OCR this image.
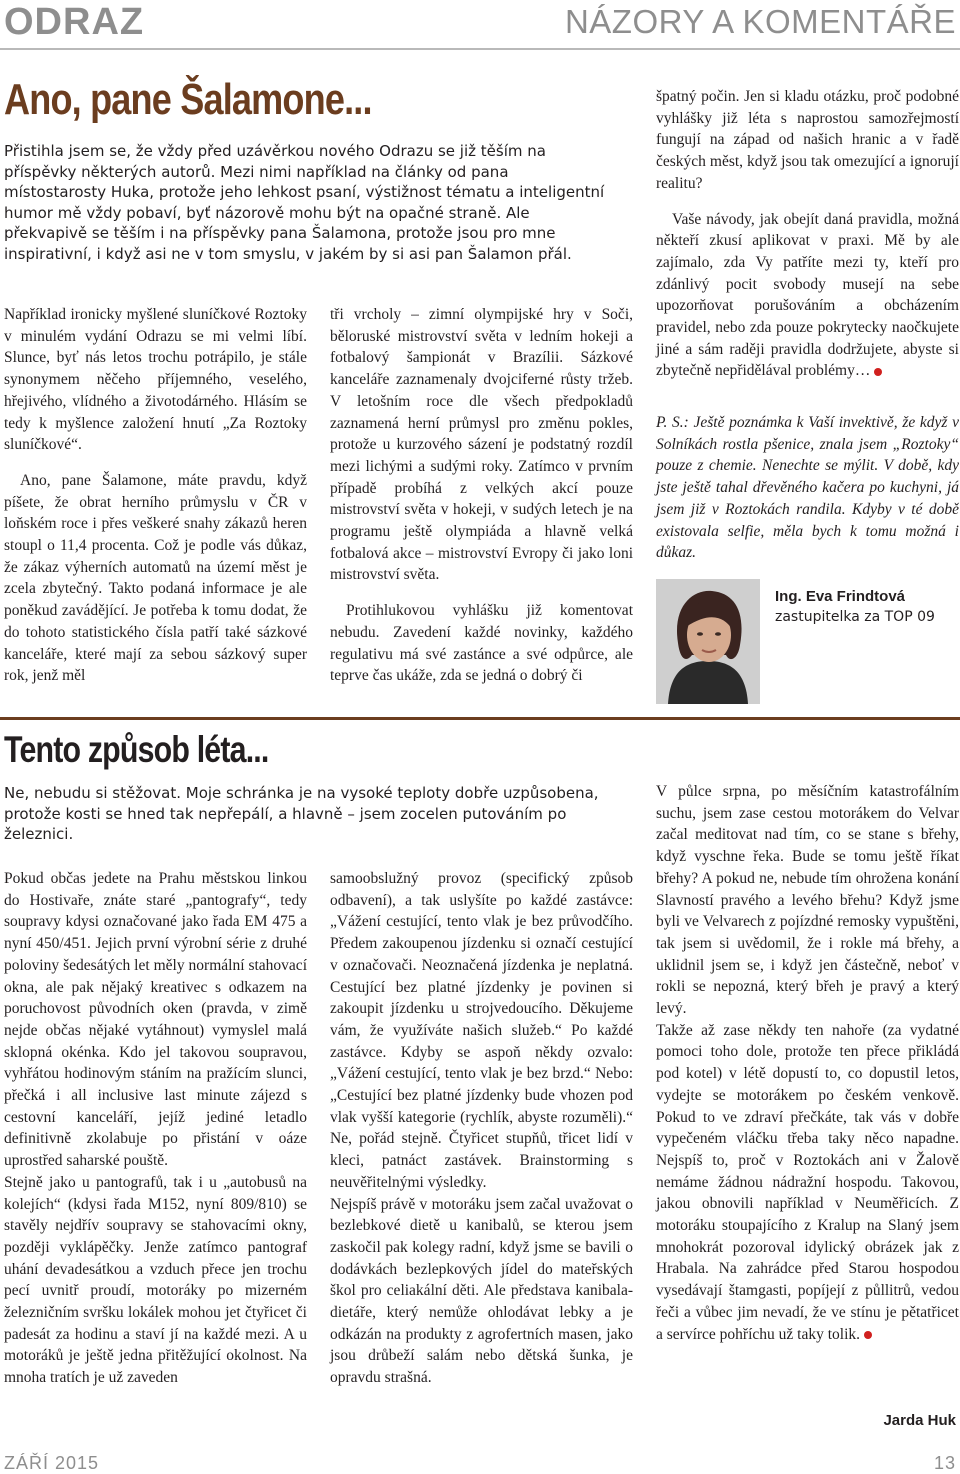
ODRAZ	NÁZORY A KOMENTÁŘE
Ano, pane Šalamone...

Přistihla jsem se, že vždy před uzávěrkou nového Odrazu se již těším na příspěvky některých autorů. Mezi nimi například na články od pana místostarosty Huka, protože jeho lehkost psaní, výstižnost tématu a inteligentní humor mě vždy pobaví, byť názorově mohu být na opačné straně. Ale překvapivě se těším i na příspěvky pana Šalamona, protože jsou pro mne inspirativní, i když asi ne v tom smyslu, v jakém by si asi pan Šalamon přál.

Například ironicky myšlené sluníčkové Roztoky v minulém vydání Odrazu se mi velmi líbí. Slunce, byť nás letos trochu potrápilo, je stále synonymem něčeho příjemného, veselého, hřejivého, vlídného a životodárného. Hlásím se tedy k myšlence založení hnutí „Za Roztoky sluníčkové“.

Ano, pane Šalamone, máte pravdu, když píšete, že obrat herního průmyslu v ČR v loňském roce i přes veškeré snahy zákazů heren stoupl o 11,4 procenta. Což je podle vás důkaz, že zákaz výherních automatů na území měst je zcela zbytečný. Takto podaná informace je ale poněkud zavádějící. Je potřeba k tomu dodat, že do tohoto statistického čísla patří také sázkové kanceláře, které mají za sebou sázkový super rok, jenž měl

tři vrcholy – zimní olympijské hry v Soči, běloruské mistrovství světa v ledním hokeji a fotbalový šampionát v Brazílii. Sázkové kanceláře zaznamenaly dvojciferné růsty tržeb. V letošním roce dle všech předpokladů zaznamená herní průmysl pro změnu pokles, protože u kurzového sázení je podstatný rozdíl mezi lichými a sudými roky. Zatímco v prvním případě probíhá z velkých akcí pouze mistrovství světa v hokeji, v sudých letech je na programu ještě olympiáda a hlavně velká fotbalová akce – mistrovství Evropy či jako loni mistrovství světa.

Protihlukovou vyhlášku již komentovat nebudu. Zavedení každé novinky, každého regulativu má své zastánce a své odpůrce, ale teprve čas ukáže, zda se jedná o dobrý či

špatný počin. Jen si kladu otázku, proč podobné vyhlášky již léta s naprostou samozřejmostí fungují na západ od našich hranic a v řadě českých měst, když jsou tak omezující a ignorují realitu?

Vaše návody, jak obejít daná pravidla, možná někteří zkusí aplikovat v praxi. Mě by ale zajímalo, zda Vy patříte mezi ty, kteří pro zdánlivý pocit svobody musejí na sebe upozorňovat porušováním a obcházením pravidel, nebo zda pouze pokrytecky naočkujete jiné a sám raději pravidla dodržujete, abyste si zbytečně nepřidělával problémy…

P. S.: Ještě poznámka k Vaší invektivě, že když v Solníkách rostla pšenice, znala jsem „Roztoky“ pouze z chemie. Nenechte se mýlit. V době, kdy jste ještě tahal dřevěného kačera po kuchyni, já jsem již v Roztokách randila. Kdyby v té době existovala selfie, měla bych k tomu možná i důkaz.

Ing. Eva Frindtová
zastupitelka za TOP 09
Tento způsob léta...

Ne, nebudu si stěžovat. Moje schránka je na vysoké teploty dobře uzpůsobena, protože kosti se hned tak nepřepálí, a hlavně – jsem zocelen putováním po železnici.

Pokud občas jedete na Prahu městskou linkou do Hostivaře, znáte staré „pantografy“, tedy soupravy kdysi označované jako řada EM 475 a nyní 450/451. Jejich první výrobní série z druhé poloviny šedesátých let měly normální stahovací okna, ale pak nějaký kreativec s odkazem na poruchovost původních oken (pravda, v zimě nejde občas nějaké vytáhnout) vymyslel malá sklopná okénka. Kdo jel takovou soupravou, vyhřátou hodinovým stáním na pražícím slunci, přečká i all inclusive last minute zájezd s cestovní kanceláří, jejíž jediné letadlo definitivně zkolabuje po přistání v oáze uprostřed saharské pouště.

Stejně jako u pantografů, tak i u „autobusů na kolejích“ (kdysi řada M152, nyní 809/810) se stavěly nejdřív soupravy se stahovacími okny, později vyklápěčky. Jenže zatímco pantograf uhání devadesátkou a vzduch přece jen trochu pecí uvnitř proudí, motoráky po mizerném železničním svršku lokálek mohou jet čtyřicet či padesát za hodinu a staví jí na každé mezi. A u motoráků je ještě jedna přitěžující okolnost. Na mnoha tratích je už zaveden

samoobslužný provoz (specifický způsob odbavení), a tak uslyšíte po každé zastávce: „Vážení cestující, tento vlak je bez průvodčího. Předem zakoupenou jízdenku si označí cestující v označovači. Neoznačená jízdenka je neplatná. Cestující bez platné jízdenky je povinen si zakoupit jízdenku u strojvedoucího. Děkujeme vám, že využíváte našich služeb.“ Po každé zastávce. Kdyby se aspoň někdy ozvalo: „Vážení cestující, tento vlak je bez brzd.“ Nebo: „Cestující bez platné jízdenky bude vhozen pod vlak vyšší kategorie (rychlík, abyste rozuměli).“ Ne, pořád stejně. Čtyřicet stupňů, třicet lidí v kleci, patnáct zastávek. Brainstorming s neuvěřitelnými výsledky.

Nejspíš právě v motoráku jsem začal uvažovat o bezlebkové dietě u kanibalů, se kterou jsem zaskočil pak kolegy radní, když jsme se bavili o dodávkách bezlepkových jídel do mateřských škol pro celiakální děti. Ale představa kanibala-dietáře, který nemůže ohlodávat lebky a je odkázán na produkty z agrofertních masen, jako jsou drůbeží salám nebo dětská šunka, je opravdu strašná.

V půlce srpna, po měsíčním katastrofálním suchu, jsem zase cestou motorákem do Velvar začal meditovat nad tím, co se stane s břehy, když vyschne řeka. Bude se tomu ještě říkat břehy? A pokud ne, nebude tím ohrožena konání Slavností pravého a levého břehu? Když jsme byli ve Velvarech z pojízdné remosky vypuštěni, tak jsem si uvědomil, že i rokle má břehy, a uklidnil jsem se, i když jen částečně, neboť v rokli se nepozná, který břeh je pravý a který levý.

Takže až zase někdy ten nahoře (za vydatné pomoci toho dole, protože ten přece přikládá pod kotel) v létě dopustí to, co dopustil letos, vydejte se motorákem po českém venkově. Pokud to ve zdraví přečkáte, tak vás v dobře vypečeném vláčku třeba taky něco napadne. Nejspíš to, proč v Roztokách ani v Žalově nemáme žádnou nádražní hospodu. Takovou, jakou obnovili například v Neuměřicích. Z motoráku stoupajícího z Kralup na Slaný jsem mnohokrát pozoroval idylický obrázek jak z Hrabala. Na zahrádce před Starou hospodou vysedávají štamgasti, popíjejí z půllitrů, vedou řeči a vůbec jim nevadí, že ve stínu je pětatřicet a servírce pohříchu už taky tolik.

Jarda Huk
ZÁŘÍ 2015	13
